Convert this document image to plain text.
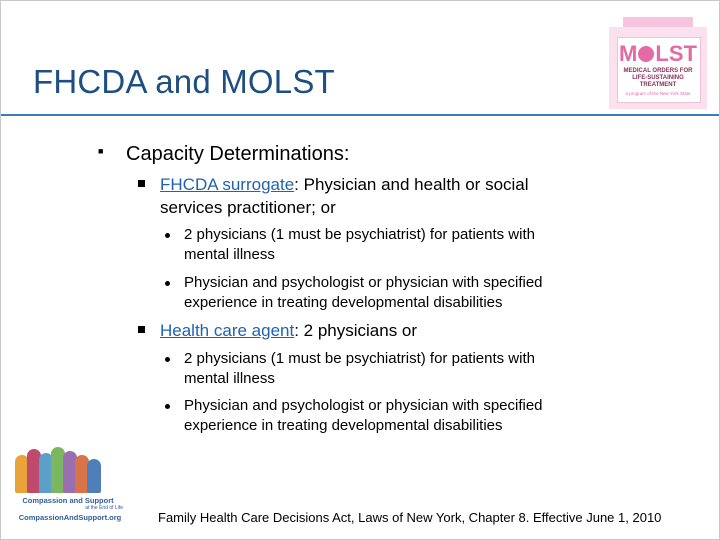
FHCDA and MOLST
M LST
MEDICAL ORDERS FOR
LIFE-SUSTAINING TREATMENT
a program of the New York State
■ Capacity Determinations:
FHCDA surrogate: Physician and health or social
services practitioner; or
2 physicians (1 must be psychiatrist) for patients with
mental illness
Physician and psychologist or physician with specified
experience in treating developmental disabilities
Health care agent: 2 physicians or
2 physicians (1 must be psychiatrist) for patients with
mental illness
Physician and psychologist or physician with specified
experience in treating developmental disabilities
Compassion and Support
at the End of Life
CompassionAndSupport.org	Family Health Care Decisions Act, Laws of New York, Chapter 8. Effective June 1, 2010
